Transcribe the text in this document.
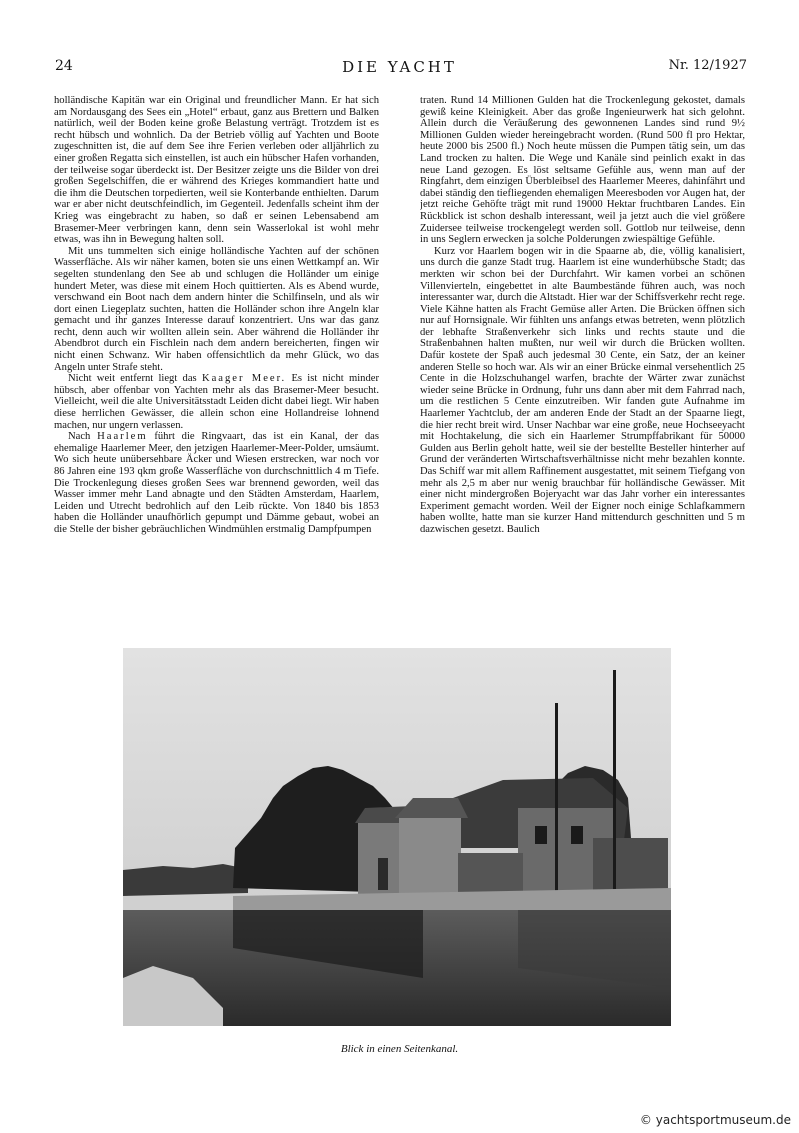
24	DIE YACHT	Nr. 12/1927

holländische Kapitän war ein Original und freundlicher Mann. Er hat sich am Nordausgang des Sees ein „Hotel“ erbaut, ganz aus Brettern und Balken natürlich, weil der Boden keine große Belastung verträgt. Trotzdem ist es recht hübsch und wohnlich. Da der Betrieb völlig auf Yachten und Boote zugeschnitten ist, die auf dem See ihre Ferien verleben oder alljährlich zu einer großen Regatta sich einstellen, ist auch ein hübscher Hafen vorhanden, der teilweise sogar überdeckt ist. Der Besitzer zeigte uns die Bilder von drei großen Segelschiffen, die er während des Krieges kommandiert hatte und die ihm die Deutschen torpedierten, weil sie Konterbande enthielten. Darum war er aber nicht deutschfeindlich, im Gegenteil. Jedenfalls scheint ihm der Krieg was eingebracht zu haben, so daß er seinen Lebensabend am Brasemer-Meer verbringen kann, denn sein Wasserlokal ist wohl mehr etwas, was ihn in Bewegung halten soll.

Mit uns tummelten sich einige holländische Yachten auf der schönen Wasserfläche. Als wir näher kamen, boten sie uns einen Wettkampf an. Wir segelten stundenlang den See ab und schlugen die Holländer um einige hundert Meter, was diese mit einem Hoch quittierten. Als es Abend wurde, verschwand ein Boot nach dem andern hinter die Schilfinseln, und als wir dort einen Liegeplatz suchten, hatten die Holländer schon ihre Angeln klar gemacht und ihr ganzes Interesse darauf konzentriert. Uns war das ganz recht, denn auch wir wollten allein sein. Aber während die Holländer ihr Abendbrot durch ein Fischlein nach dem andern bereicherten, fingen wir nicht einen Schwanz. Wir haben offensichtlich da mehr Glück, wo das Angeln unter Strafe steht.

Nicht weit entfernt liegt das Kaager Meer. Es ist nicht minder hübsch, aber offenbar von Yachten mehr als das Brasemer-Meer besucht. Vielleicht, weil die alte Universitätsstadt Leiden dicht dabei liegt. Wir haben diese herrlichen Gewässer, die allein schon eine Hollandreise lohnend machen, nur ungern verlassen.

Nach Haarlem führt die Ringvaart, das ist ein Kanal, der das ehemalige Haarlemer Meer, den jetzigen Haarlemer-Meer-Polder, umsäumt. Wo sich heute unübersehbare Äcker und Wiesen erstrecken, war noch vor 86 Jahren eine 193 qkm große Wasserfläche von durchschnittlich 4 m Tiefe. Die Trockenlegung dieses großen Sees war brennend geworden, weil das Wasser immer mehr Land abnagte und den Städten Amsterdam, Haarlem, Leiden und Utrecht bedrohlich auf den Leib rückte. Von 1840 bis 1853 haben die Holländer unaufhörlich gepumpt und Dämme gebaut, wobei an die Stelle der bisher gebräuchlichen Windmühlen erstmalig Dampfpumpen

traten. Rund 14 Millionen Gulden hat die Trockenlegung gekostet, damals gewiß keine Kleinigkeit. Aber das große Ingenieurwerk hat sich gelohnt. Allein durch die Veräußerung des gewonnenen Landes sind rund 9½ Millionen Gulden wieder hereingebracht worden. (Rund 500 fl pro Hektar, heute 2000 bis 2500 fl.) Noch heute müssen die Pumpen tätig sein, um das Land trocken zu halten. Die Wege und Kanäle sind peinlich exakt in das neue Land gezogen. Es löst seltsame Gefühle aus, wenn man auf der Ringfahrt, dem einzigen Überbleibsel des Haarlemer Meeres, dahinfährt und dabei ständig den tiefliegenden ehemaligen Meeresboden vor Augen hat, der jetzt reiche Gehöfte trägt mit rund 19000 Hektar fruchtbaren Landes. Ein Rückblick ist schon deshalb interessant, weil ja jetzt auch die viel größere Zuidersee teilweise trockengelegt werden soll. Gottlob nur teilweise, denn in uns Seglern erwecken ja solche Polderungen zwiespältige Gefühle.

Kurz vor Haarlem bogen wir in die Spaarne ab, die, völlig kanalisiert, uns durch die ganze Stadt trug. Haarlem ist eine wunderhübsche Stadt; das merkten wir schon bei der Durchfahrt. Wir kamen vorbei an schönen Villenvierteln, eingebettet in alte Baumbestände führen auch, was noch interessanter war, durch die Altstadt. Hier war der Schiffsverkehr recht rege. Viele Kähne hatten als Fracht Gemüse aller Arten. Die Brücken öffnen sich nur auf Hornsignale. Wir fühlten uns anfangs etwas betreten, wenn plötzlich der lebhafte Straßenverkehr sich links und rechts staute und die Straßenbahnen halten mußten, nur weil wir durch die Brücken wollten. Dafür kostete der Spaß auch jedesmal 30 Cente, ein Satz, der an keiner anderen Stelle so hoch war. Als wir an einer Brücke einmal versehentlich 25 Cente in die Holzschuhangel warfen, brachte der Wärter zwar zunächst wieder seine Brücke in Ordnung, fuhr uns dann aber mit dem Fahrrad nach, um die restlichen 5 Cente einzutreiben. Wir fanden gute Aufnahme im Haarlemer Yachtclub, der am anderen Ende der Stadt an der Spaarne liegt, die hier recht breit wird. Unser Nachbar war eine große, neue Hochseeyacht mit Hochtakelung, die sich ein Haarlemer Strumpffabrikant für 50000 Gulden aus Berlin geholt hatte, weil sie der bestellte Besteller hinterher auf Grund der veränderten Wirtschaftsverhältnisse nicht mehr bezahlen konnte. Das Schiff war mit allem Raffinement ausgestattet, mit seinem Tiefgang von mehr als 2,5 m aber nur wenig brauchbar für holländische Gewässer. Mit einer nicht mindergroßen Bojeryacht war das Jahr vorher ein interessantes Experiment gemacht worden. Weil der Eigner noch einige Schlafkammern haben wollte, hatte man sie kurzer Hand mittendurch geschnitten und 5 m dazwischen gesetzt. Baulich

Blick in einen Seitenkanal.
© yachtsportmuseum.de
